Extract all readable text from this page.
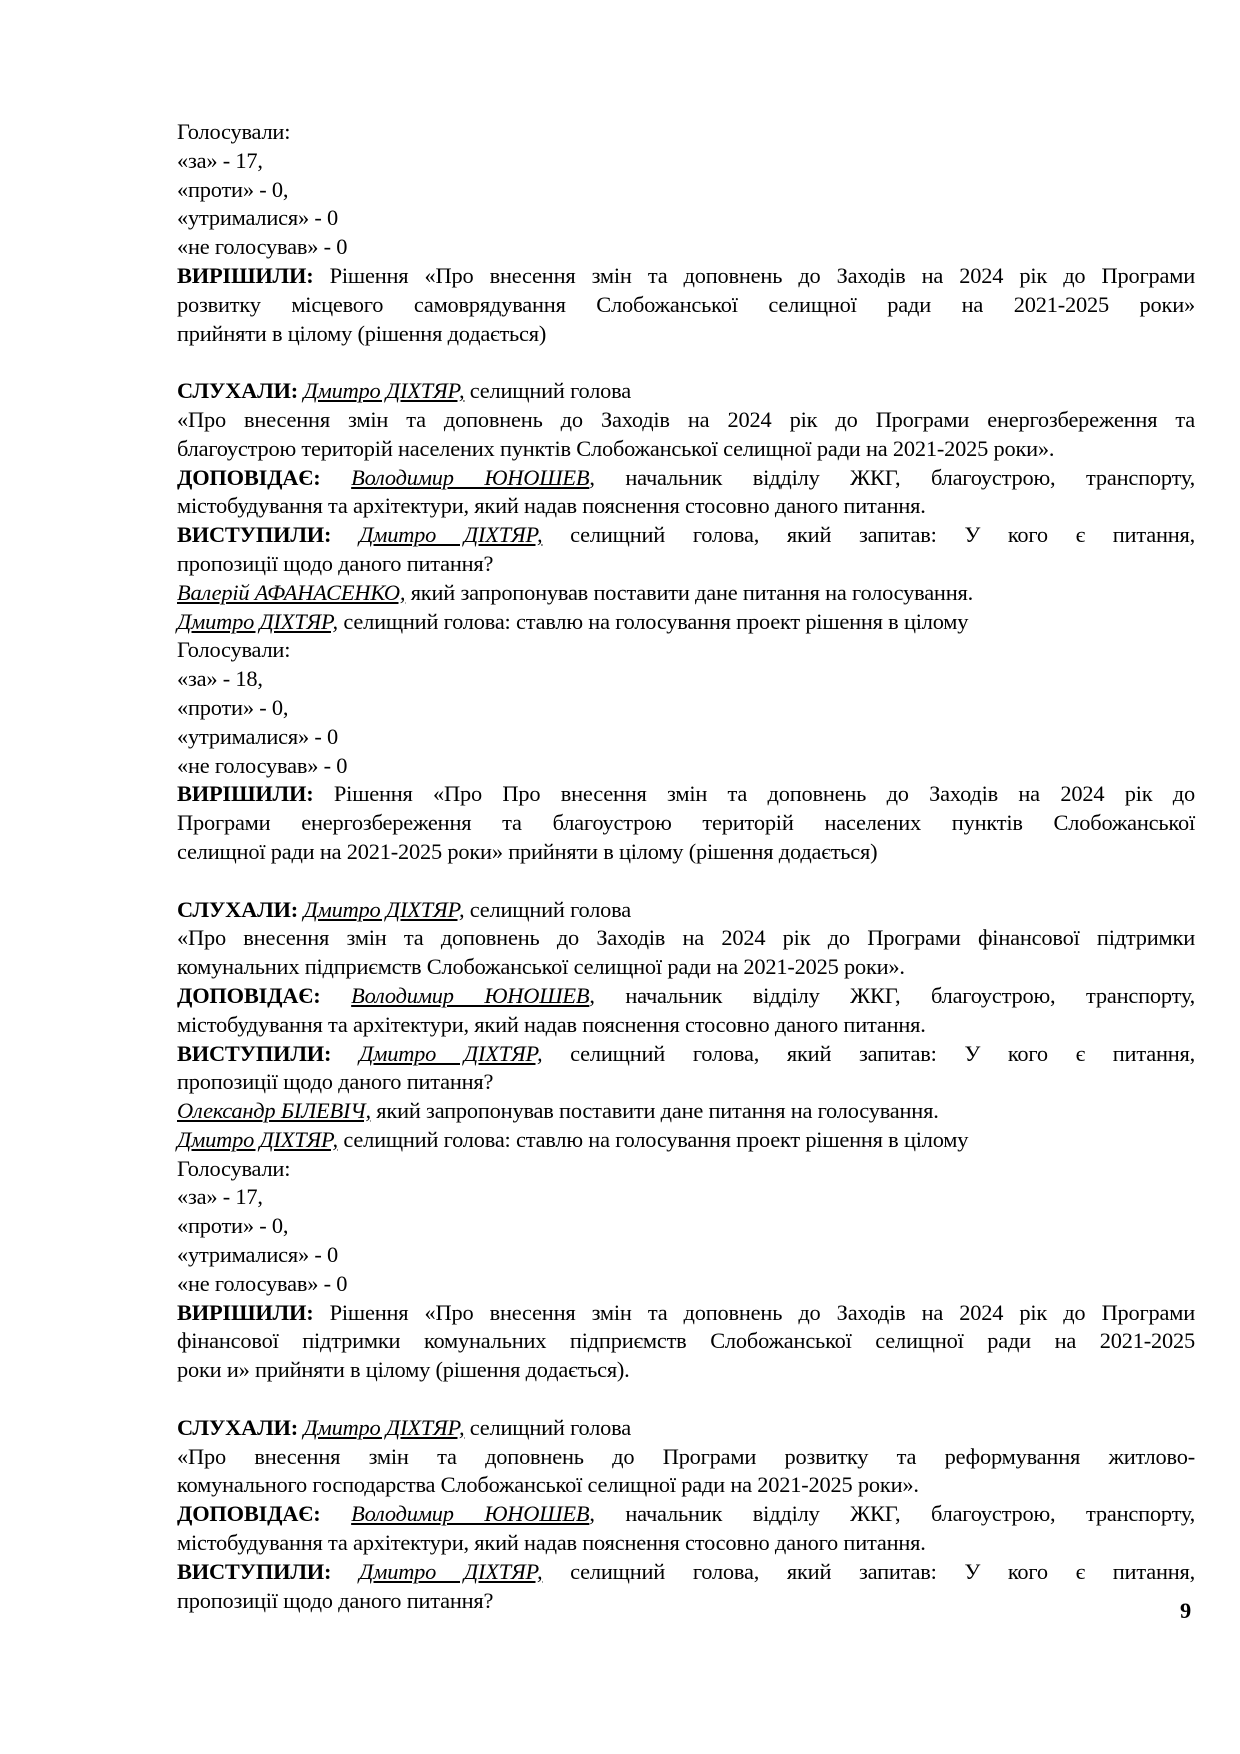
Голосували:
«за» - 17,
«проти» - 0,
«утрималися» - 0
«не голосував» - 0
ВИРІШИЛИ: Рішення «Про внесення змін та доповнень до Заходів на 2024 рік до Програми
розвитку місцевого самоврядування Слобожанської селищної ради на 2021-2025 роки»
прийняти в цілому (рішення додається)
СЛУХАЛИ: Дмитро ДІХТЯР, селищний голова
«Про внесення змін та доповнень до Заходів на 2024 рік до Програми енергозбереження та
благоустрою територій населених пунктів Слобожанської селищної ради на 2021-2025 роки».
ДОПОВІДАЄ: Володимир ЮНОШЕВ, начальник відділу ЖКГ, благоустрою, транспорту,
містобудування та архітектури, який надав пояснення стосовно даного питання.
ВИСТУПИЛИ: Дмитро ДІХТЯР, селищний голова, який запитав: У кого є питання,
пропозиції щодо даного питання?
Валерій АФАНАСЕНКО, який запропонував поставити дане питання на голосування.
Дмитро ДІХТЯР, селищний голова: ставлю на голосування проект рішення в цілому
Голосували:
«за» - 18,
«проти» - 0,
«утрималися» - 0
«не голосував» - 0
ВИРІШИЛИ: Рішення «Про Про внесення змін та доповнень до Заходів на 2024 рік до
Програми енергозбереження та благоустрою територій населених пунктів Слобожанської
селищної ради на 2021-2025 роки» прийняти в цілому (рішення додається)
СЛУХАЛИ: Дмитро ДІХТЯР, селищний голова
«Про внесення змін та доповнень до Заходів на 2024 рік до Програми фінансової підтримки
комунальних підприємств Слобожанської селищної ради на 2021-2025 роки».
ДОПОВІДАЄ: Володимир ЮНОШЕВ, начальник відділу ЖКГ, благоустрою, транспорту,
містобудування та архітектури, який надав пояснення стосовно даного питання.
ВИСТУПИЛИ: Дмитро ДІХТЯР, селищний голова, який запитав: У кого є питання,
пропозиції щодо даного питання?
Олександр БІЛЕВІЧ, який запропонував поставити дане питання на голосування.
Дмитро ДІХТЯР, селищний голова: ставлю на голосування проект рішення в цілому
Голосували:
«за» - 17,
«проти» - 0,
«утрималися» - 0
«не голосував» - 0
ВИРІШИЛИ: Рішення «Про внесення змін та доповнень до Заходів на 2024 рік до Програми
фінансової підтримки комунальних підприємств Слобожанської селищної ради на 2021-2025
роки и» прийняти в цілому (рішення додається).
СЛУХАЛИ: Дмитро ДІХТЯР, селищний голова
«Про внесення змін та доповнень до Програми розвитку та реформування житлово-
комунального господарства Слобожанської селищної ради на 2021-2025 роки».
ДОПОВІДАЄ: Володимир ЮНОШЕВ, начальник відділу ЖКГ, благоустрою, транспорту,
містобудування та архітектури, який надав пояснення стосовно даного питання.
ВИСТУПИЛИ: Дмитро ДІХТЯР, селищний голова, який запитав: У кого є питання,
пропозиції щодо даного питання?	9
